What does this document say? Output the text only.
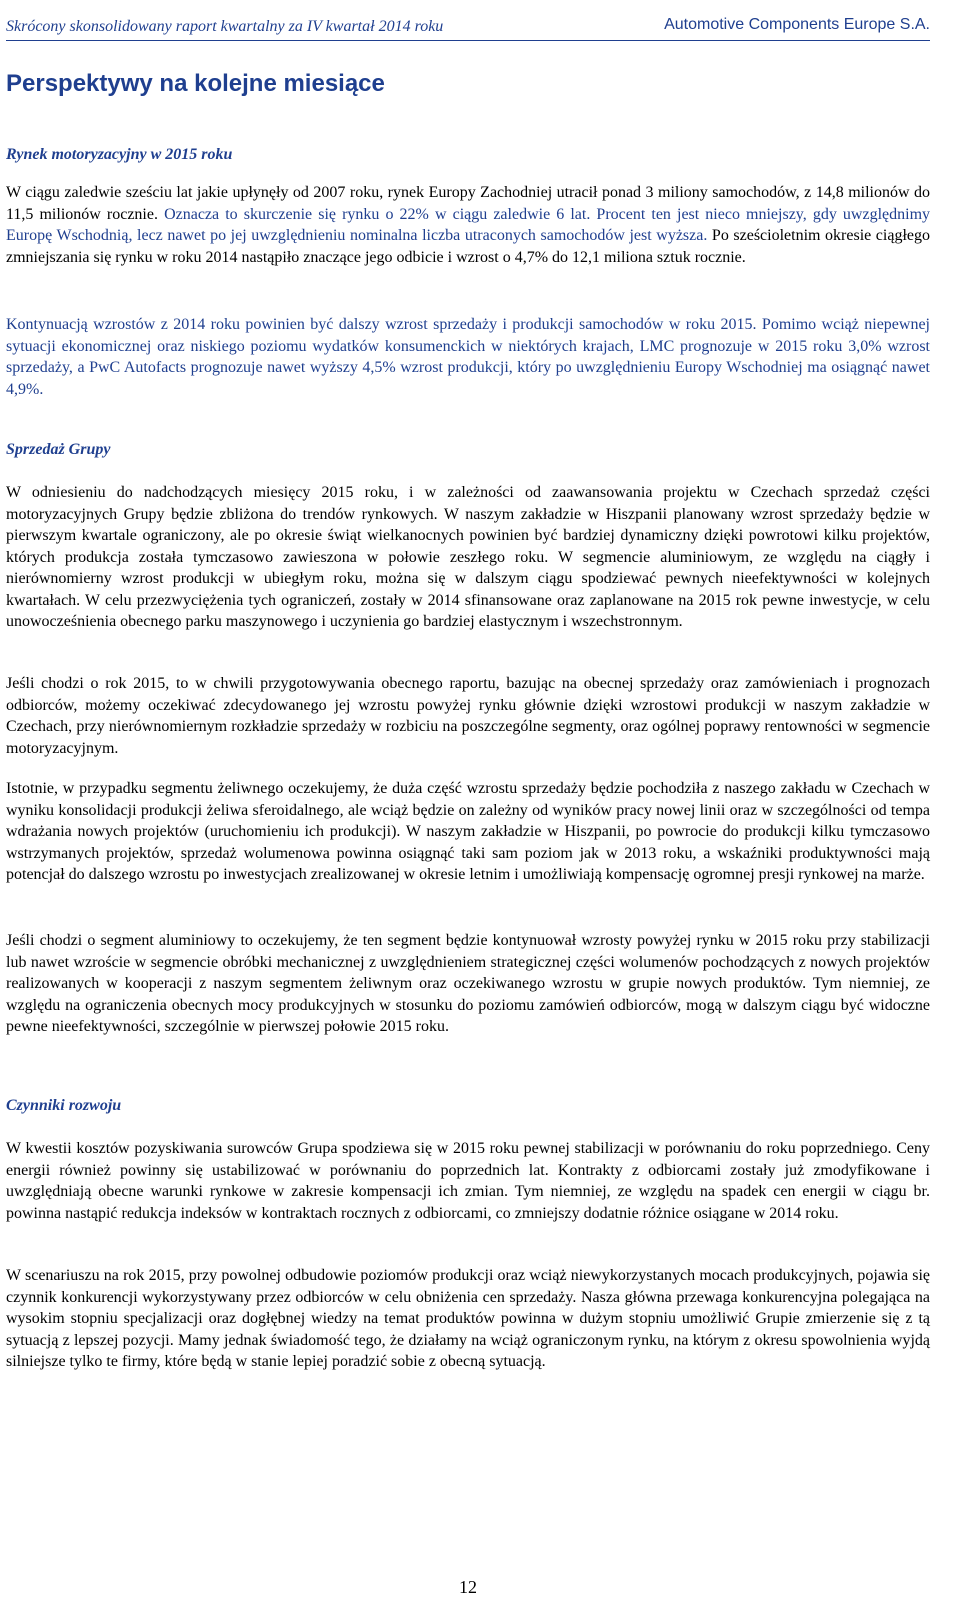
Skrócony skonsolidowany raport kwartalny za IV kwartał 2014 roku	Automotive Components Europe S.A.
Perspektywy na kolejne miesiące
Rynek motoryzacyjny w 2015 roku

W ciągu zaledwie sześciu lat jakie upłynęły od 2007 roku, rynek Europy Zachodniej utracił ponad 3 miliony samochodów, z 14,8 milionów do 11,5 milionów rocznie. Oznacza to skurczenie się rynku o 22% w ciągu zaledwie 6 lat. Procent ten jest nieco mniejszy, gdy uwzględnimy Europę Wschodnią, lecz nawet po jej uwzględnieniu nominalna liczba utraconych samochodów jest wyższa. Po sześcioletnim okresie ciągłego zmniejszania się rynku w roku 2014 nastąpiło znaczące jego odbicie i wzrost o 4,7% do 12,1 miliona sztuk rocznie.

Kontynuacją wzrostów z 2014 roku powinien być dalszy wzrost sprzedaży i produkcji samochodów w roku 2015. Pomimo wciąż niepewnej sytuacji ekonomicznej oraz niskiego poziomu wydatków konsumenckich w niektórych krajach, LMC prognozuje w 2015 roku 3,0% wzrost sprzedaży, a PwC Autofacts prognozuje nawet wyższy 4,5% wzrost produkcji, który po uwzględnieniu Europy Wschodniej ma osiągnąć nawet 4,9%.

Sprzedaż Grupy

W odniesieniu do nadchodzących miesięcy 2015 roku, i w zależności od zaawansowania projektu w Czechach sprzedaż części motoryzacyjnych Grupy będzie zbliżona do trendów rynkowych. W naszym zakładzie w Hiszpanii planowany wzrost sprzedaży będzie w pierwszym kwartale ograniczony, ale po okresie świąt wielkanocnych powinien być bardziej dynamiczny dzięki powrotowi kilku projektów, których produkcja została tymczasowo zawieszona w połowie zeszłego roku. W segmencie aluminiowym, ze względu na ciągły i nierównomierny wzrost produkcji w ubiegłym roku, można się w dalszym ciągu spodziewać pewnych nieefektywności w kolejnych kwartałach. W celu przezwyciężenia tych ograniczeń, zostały w 2014 sfinansowane oraz zaplanowane na 2015 rok pewne inwestycje, w celu unowocześnienia obecnego parku maszynowego i uczynienia go bardziej elastycznym i wszechstronnym.

Jeśli chodzi o rok 2015, to w chwili przygotowywania obecnego raportu, bazując na obecnej sprzedaży oraz zamówieniach i prognozach odbiorców, możemy oczekiwać zdecydowanego jej wzrostu powyżej rynku głównie dzięki wzrostowi produkcji w naszym zakładzie w Czechach, przy nierównomiernym rozkładzie sprzedaży w rozbiciu na poszczególne segmenty, oraz ogólnej poprawy rentowności w segmencie motoryzacyjnym.

Istotnie, w przypadku segmentu żeliwnego oczekujemy, że duża część wzrostu sprzedaży będzie pochodziła z naszego zakładu w Czechach w wyniku konsolidacji produkcji żeliwa sferoidalnego, ale wciąż będzie on zależny od wyników pracy nowej linii oraz w szczególności od tempa wdrażania nowych projektów (uruchomieniu ich produkcji). W naszym zakładzie w Hiszpanii, po powrocie do produkcji kilku tymczasowo wstrzymanych projektów, sprzedaż wolumenowa powinna osiągnąć taki sam poziom jak w 2013 roku, a wskaźniki produktywności mają potencjał do dalszego wzrostu po inwestycjach zrealizowanej w okresie letnim i umożliwiają kompensację ogromnej presji rynkowej na marże.

Jeśli chodzi o segment aluminiowy to oczekujemy, że ten segment będzie kontynuował wzrosty powyżej rynku w 2015 roku przy stabilizacji lub nawet wzroście w segmencie obróbki mechanicznej z uwzględnieniem strategicznej części wolumenów pochodzących z nowych projektów realizowanych w kooperacji z naszym segmentem żeliwnym oraz oczekiwanego wzrostu w grupie nowych produktów. Tym niemniej, ze względu na ograniczenia obecnych mocy produkcyjnych w stosunku do poziomu zamówień odbiorców, mogą w dalszym ciągu być widoczne pewne nieefektywności, szczególnie w pierwszej połowie 2015 roku.

Czynniki rozwoju

W kwestii kosztów pozyskiwania surowców Grupa spodziewa się w 2015 roku pewnej stabilizacji w porównaniu do roku poprzedniego. Ceny energii również powinny się ustabilizować w porównaniu do poprzednich lat. Kontrakty z odbiorcami zostały już zmodyfikowane i uwzględniają obecne warunki rynkowe w zakresie kompensacji ich zmian. Tym niemniej, ze względu na spadek cen energii w ciągu br. powinna nastąpić redukcja indeksów w kontraktach rocznych z odbiorcami, co zmniejszy dodatnie różnice osiągane w 2014 roku.

W scenariuszu na rok 2015, przy powolnej odbudowie poziomów produkcji oraz wciąż niewykorzystanych mocach produkcyjnych, pojawia się czynnik konkurencji wykorzystywany przez odbiorców w celu obniżenia cen sprzedaży. Nasza główna przewaga konkurencyjna polegająca na wysokim stopniu specjalizacji oraz dogłębnej wiedzy na temat produktów powinna w dużym stopniu umożliwić Grupie zmierzenie się z tą sytuacją z lepszej pozycji. Mamy jednak świadomość tego, że działamy na wciąż ograniczonym rynku, na którym z okresu spowolnienia wyjdą silniejsze tylko te firmy, które będą w stanie lepiej poradzić sobie z obecną sytuacją.

12
